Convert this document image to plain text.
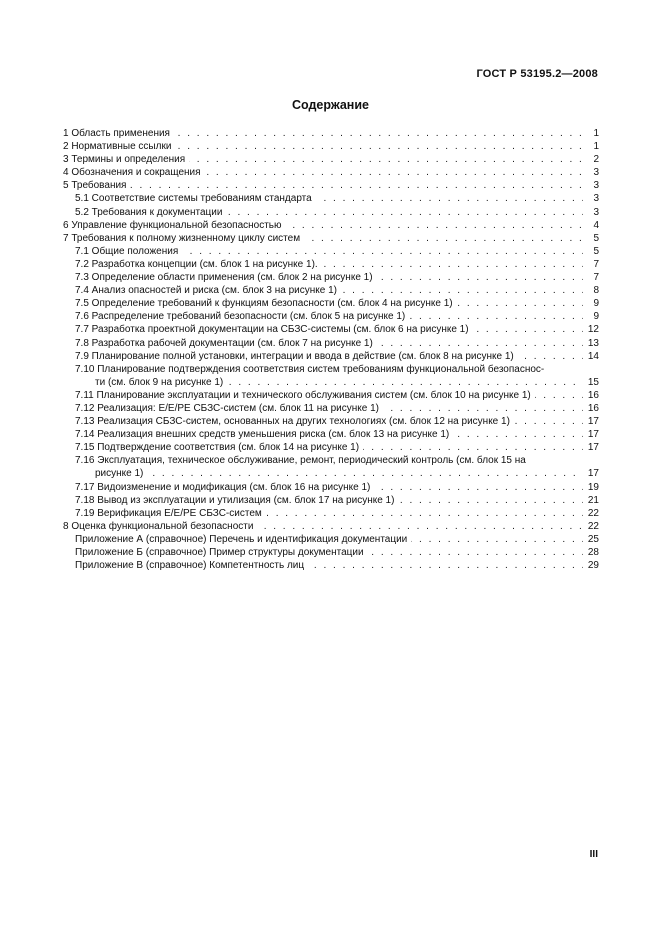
ГОСТ Р 53195.2—2008
Содержание
1 Область применения . . .	1
2 Нормативные ссылки . . .	1
3 Термины и определения . . .	2
4 Обозначения и сокращения . . .	3
5 Требования . . .	3
5.1 Соответствие системы требованиям стандарта . . .	3
5.2 Требования к документации . . .	3
6 Управление функциональной безопасностью . . .	4
7 Требования к полному жизненному циклу систем . . .	5
7.1 Общие положения . . .	5
7.2 Разработка концепции (см. блок 1 на рисунке 1). . . .	7
7.3 Определение области применения (см. блок 2 на рисунке 1) . . .	7
7.4 Анализ опасностей и риска (см. блок 3 на рисунке 1) . . .	8
7.5 Определение требований к функциям безопасности (см. блок 4 на рисунке 1) . . .	9
7.6 Распределение требований безопасности (см. блок 5 на рисунке 1) . . .	9
7.7 Разработка проектной документации на СБЗС-системы (см. блок 6 на рисунке 1) . . .	12
7.8 Разработка рабочей документации (см. блок 7 на рисунке 1) . . .	13
7.9 Планирование полной установки, интеграции и ввода в действие (см. блок 8 на рисунке 1) . . .	14
7.10 Планирование подтверждения соответствия систем требованиям функциональной безопаснос-
ти (см. блок 9 на рисунке 1) . . .	15
7.11 Планирование эксплуатации и технического обслуживания систем (см. блок 10 на рисунке 1) . . .	16
7.12 Реализация: Е/Е/РЕ СБЗС-систем (см. блок 11 на рисунке 1) . . .	16
7.13 Реализация СБЗС-систем, основанных на других технологиях (см. блок 12 на рисунке 1) . . .	17
7.14 Реализация внешних средств уменьшения риска (см. блок 13 на рисунке 1) . . .	17
7.15 Подтверждение соответствия (см. блок 14 на рисунке 1) . . .	17
7.16 Эксплуатация, техническое обслуживание, ремонт, периодический контроль (см. блок 15 на
рисунке 1) . . .	17
7.17 Видоизменение и модификация (см. блок 16 на рисунке 1) . . .	19
7.18 Вывод из эксплуатации и утилизация (см. блок 17 на рисунке 1) . . .	21
7.19 Верификация Е/Е/РЕ СБЗС-систем . . .	22
8 Оценка функциональной безопасности . . .	22
Приложение А (справочное) Перечень и идентификация документации . . .	25
Приложение Б (справочное) Пример структуры документации . . .	28
Приложение В (справочное) Компетентность лиц . . .	29
III
